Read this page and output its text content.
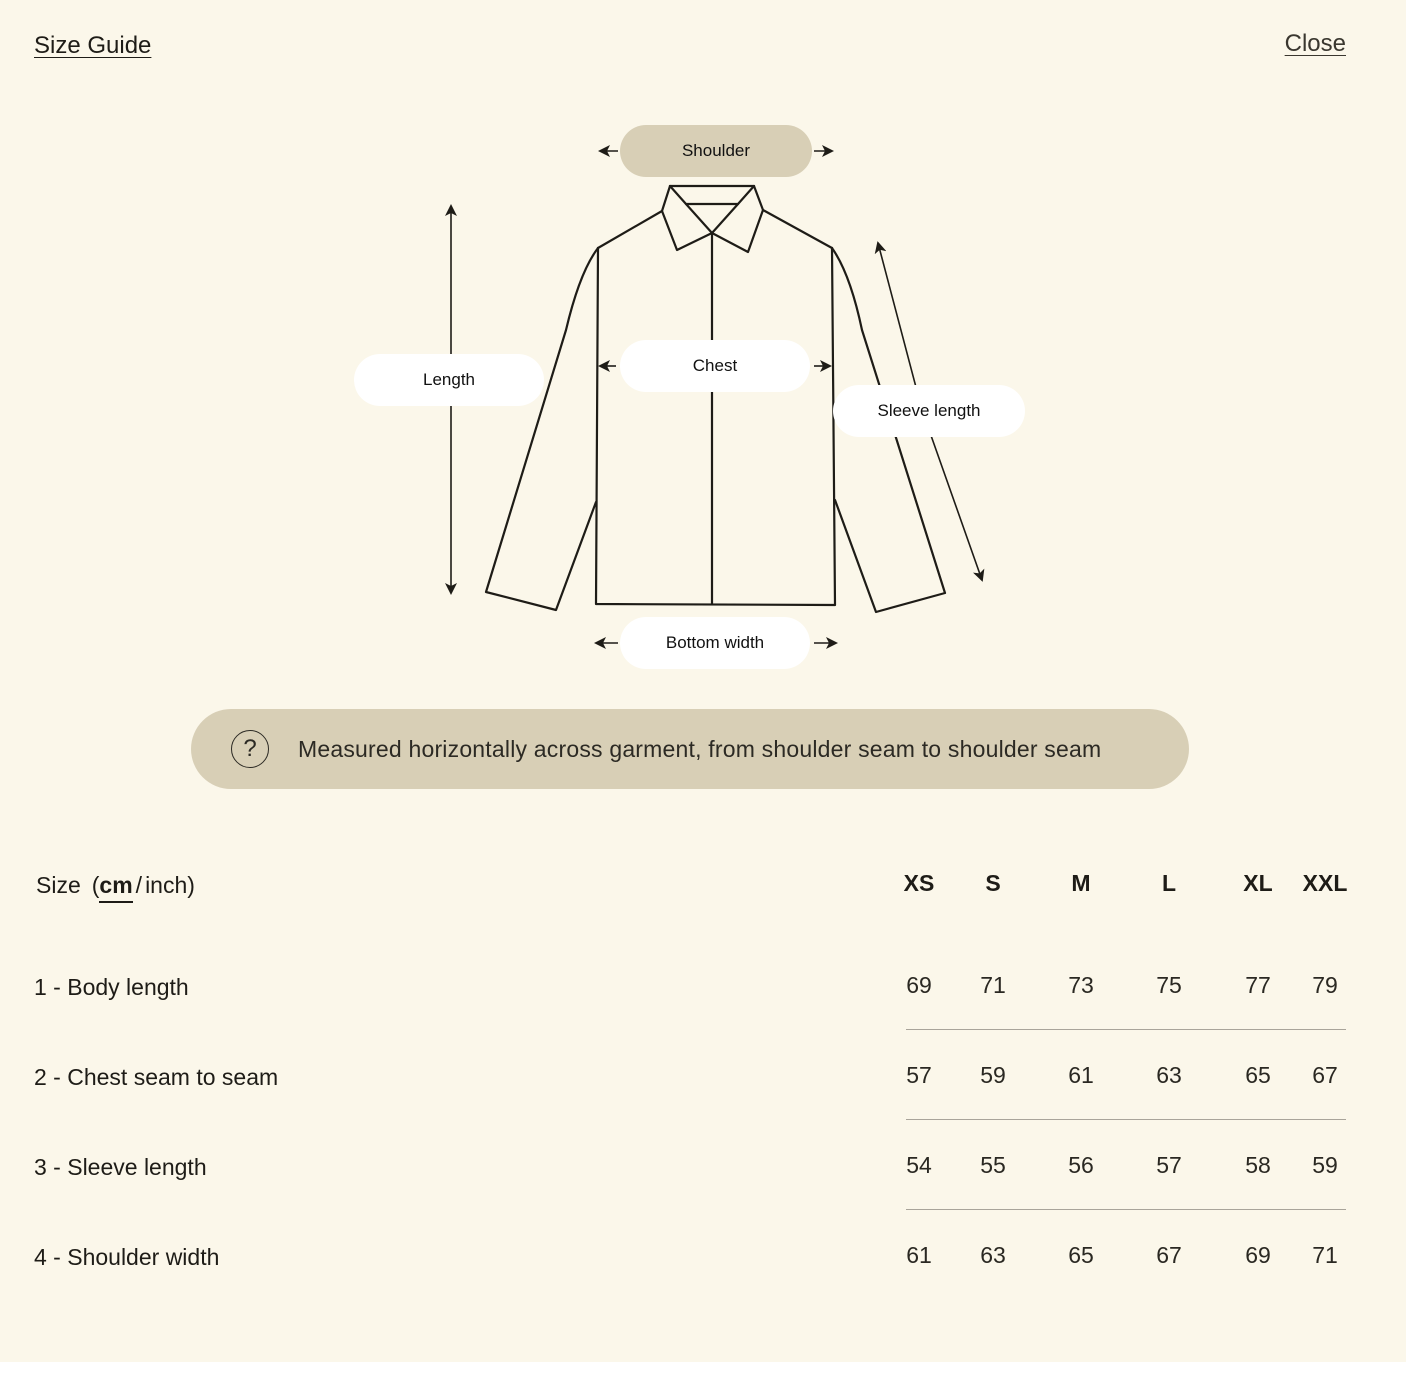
Size Guide	Close
Shoulder
Length
Chest
Sleeve length
Bottom width
?	Measured horizontally across garment, from shoulder seam to shoulder seam
Size ( cm / inch )	XS S	M	L	XL XXL
1 - Body length	69 71	73	75	77 79
2 - Chest seam to seam	57 59	61	63	65 67
3 - Sleeve length	54 55	56	57	58 59
4 - Shoulder width	61 63	65	67	69 71
